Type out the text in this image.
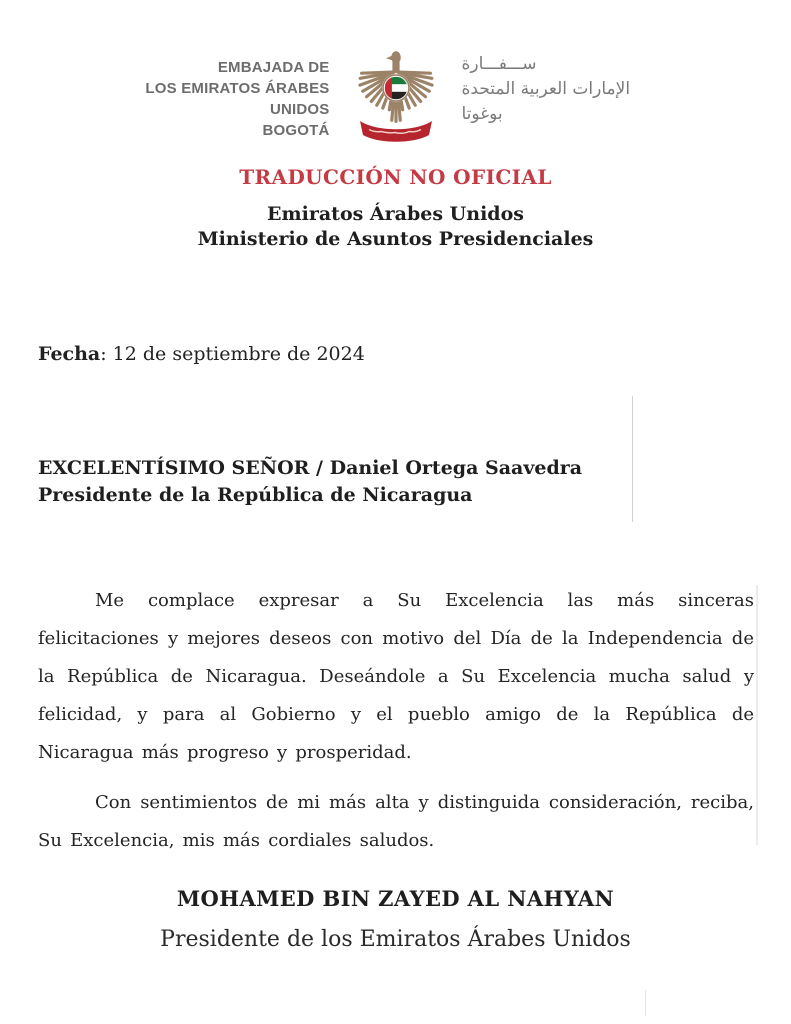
EMBAJADA DE
LOS EMIRATOS ÁRABES UNIDOS
BOGOTÁ
ســـفـــارة
الإمارات العربية المتحدة
بوغوتا
TRADUCCIÓN NO OFICIAL
Emiratos Árabes Unidos
Ministerio de Asuntos Presidenciales
Fecha: 12 de septiembre de 2024
EXCELENTÍSIMO SEÑOR / Daniel Ortega Saavedra
Presidente de la República de Nicaragua

Me complace expresar a Su Excelencia las más sinceras felicitaciones y mejores deseos con motivo del Día de la Independencia de la República de Nicaragua. Deseándole a Su Excelencia mucha salud y felicidad, y para al Gobierno y el pueblo amigo de la República de Nicaragua más progreso y prosperidad.

Con sentimientos de mi más alta y distinguida consideración, reciba, Su Excelencia, mis más cordiales saludos.

MOHAMED BIN ZAYED AL NAHYAN
Presidente de los Emiratos Árabes Unidos
